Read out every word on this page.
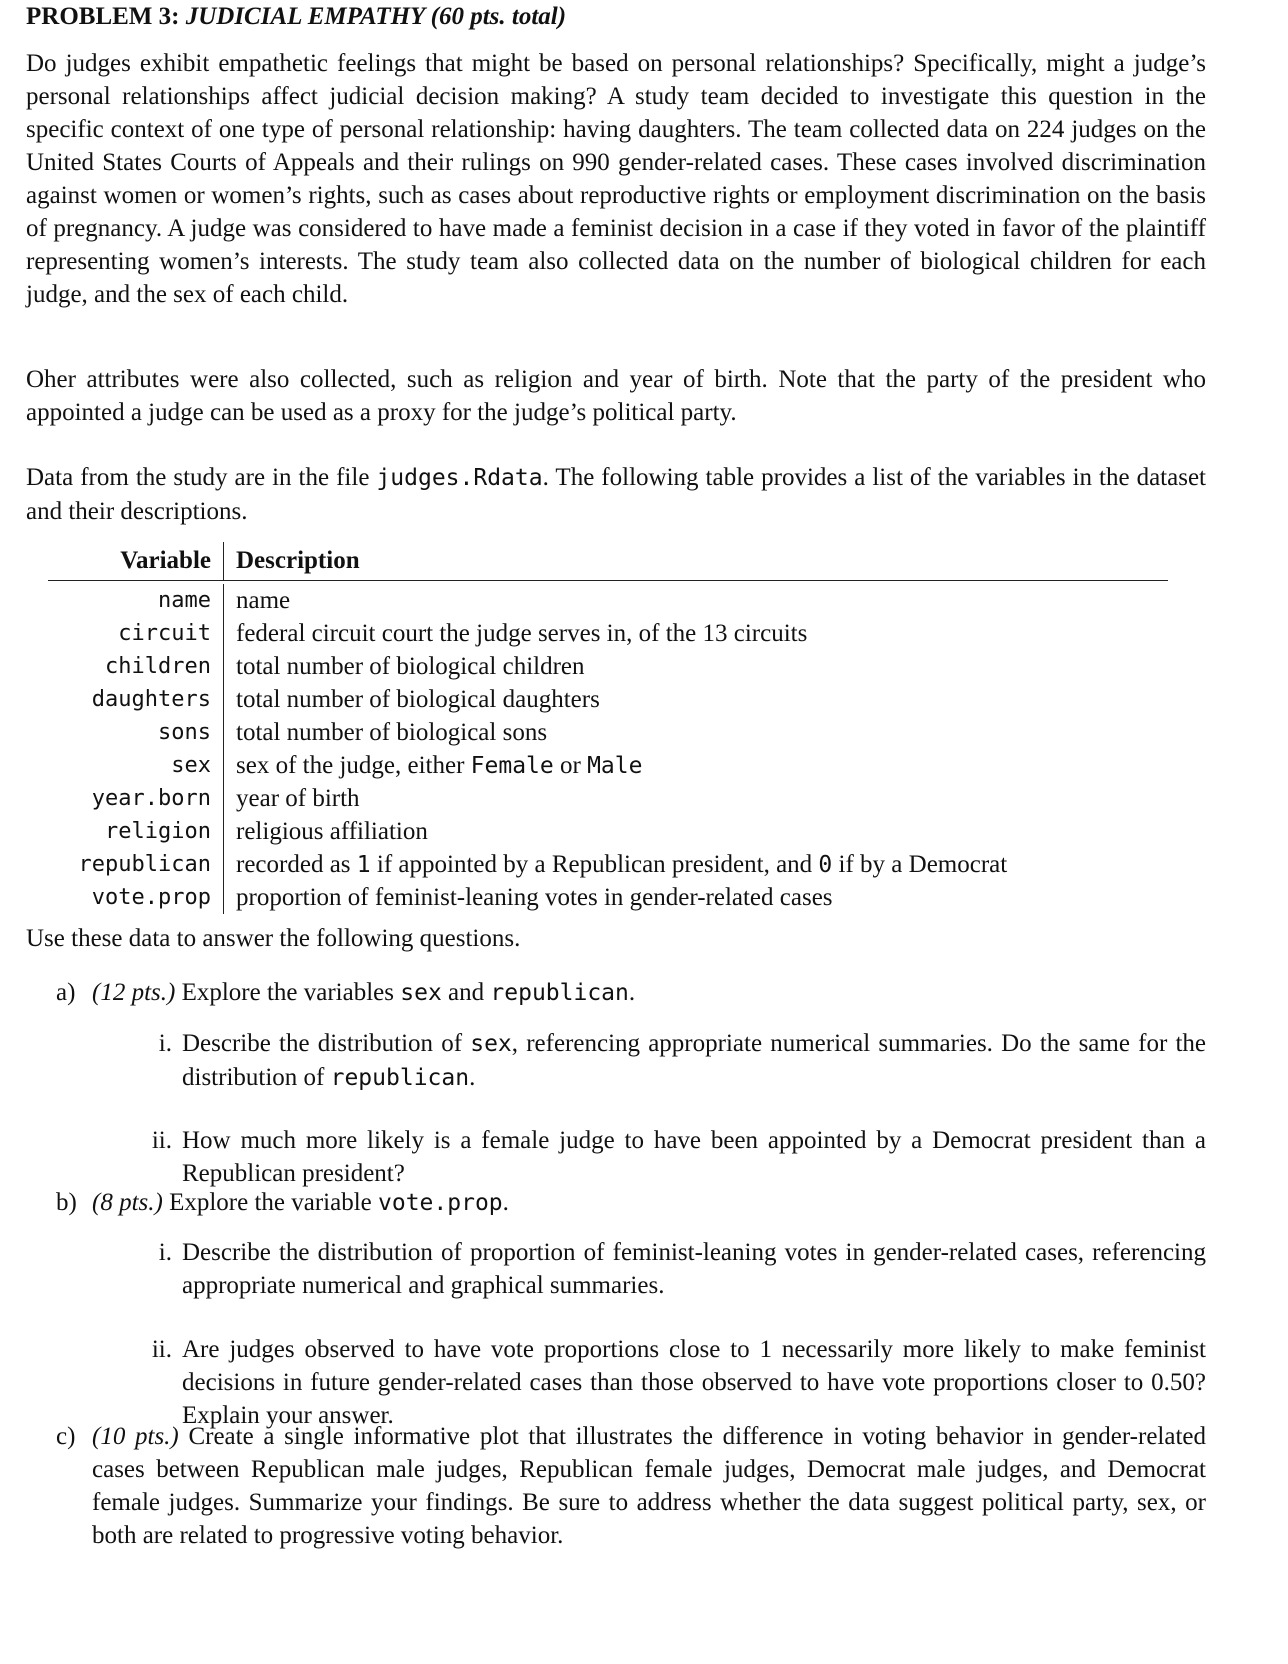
PROBLEM 3: JUDICIAL EMPATHY (60 pts. total)

Do judges exhibit empathetic feelings that might be based on personal relationships? Specifically, might a judge’s personal relationships affect judicial decision making? A study team decided to investigate this question in the specific context of one type of personal relationship: having daughters. The team collected data on 224 judges on the United States Courts of Appeals and their rulings on 990 gender-related cases. These cases involved discrimination against women or women’s rights, such as cases about reproductive rights or employment discrimination on the basis of pregnancy. A judge was considered to have made a feminist decision in a case if they voted in favor of the plaintiff representing women’s interests. The study team also collected data on the number of biological children for each judge, and the sex of each child.

Oher attributes were also collected, such as religion and year of birth. Note that the party of the president who appointed a judge can be used as a proxy for the judge’s political party.

Data from the study are in the file judges.Rdata. The following table provides a list of the variables in the dataset and their descriptions.

Variable	Description
name	name
circuit	federal circuit court the judge serves in, of the 13 circuits
children	total number of biological children
daughters	total number of biological daughters
sons	total number of biological sons
sex	sex of the judge, either Female or Male
year.born	year of birth
religion	religious affiliation
republican	recorded as 1 if appointed by a Republican president, and 0 if by a Democrat
vote.prop	proportion of feminist-leaning votes in gender-related cases
Use these data to answer the following questions.
a) (12 pts.) Explore the variables sex and republican.
i. Describe the distribution of sex, referencing appropriate numerical summaries. Do the same for the distribution of republican.
ii. How much more likely is a female judge to have been appointed by a Democrat president than a Republican president?
b) (8 pts.) Explore the variable vote.prop.
i. Describe the distribution of proportion of feminist-leaning votes in gender-related cases, referencing appropriate numerical and graphical summaries.
ii. Are judges observed to have vote proportions close to 1 necessarily more likely to make feminist decisions in future gender-related cases than those observed to have vote proportions closer to 0.50? Explain your answer.
c) (10 pts.) Create a single informative plot that illustrates the difference in voting behavior in gender-related cases between Republican male judges, Republican female judges, Democrat male judges, and Democrat female judges. Summarize your findings. Be sure to address whether the data suggest political party, sex, or both are related to progressive voting behavior.
